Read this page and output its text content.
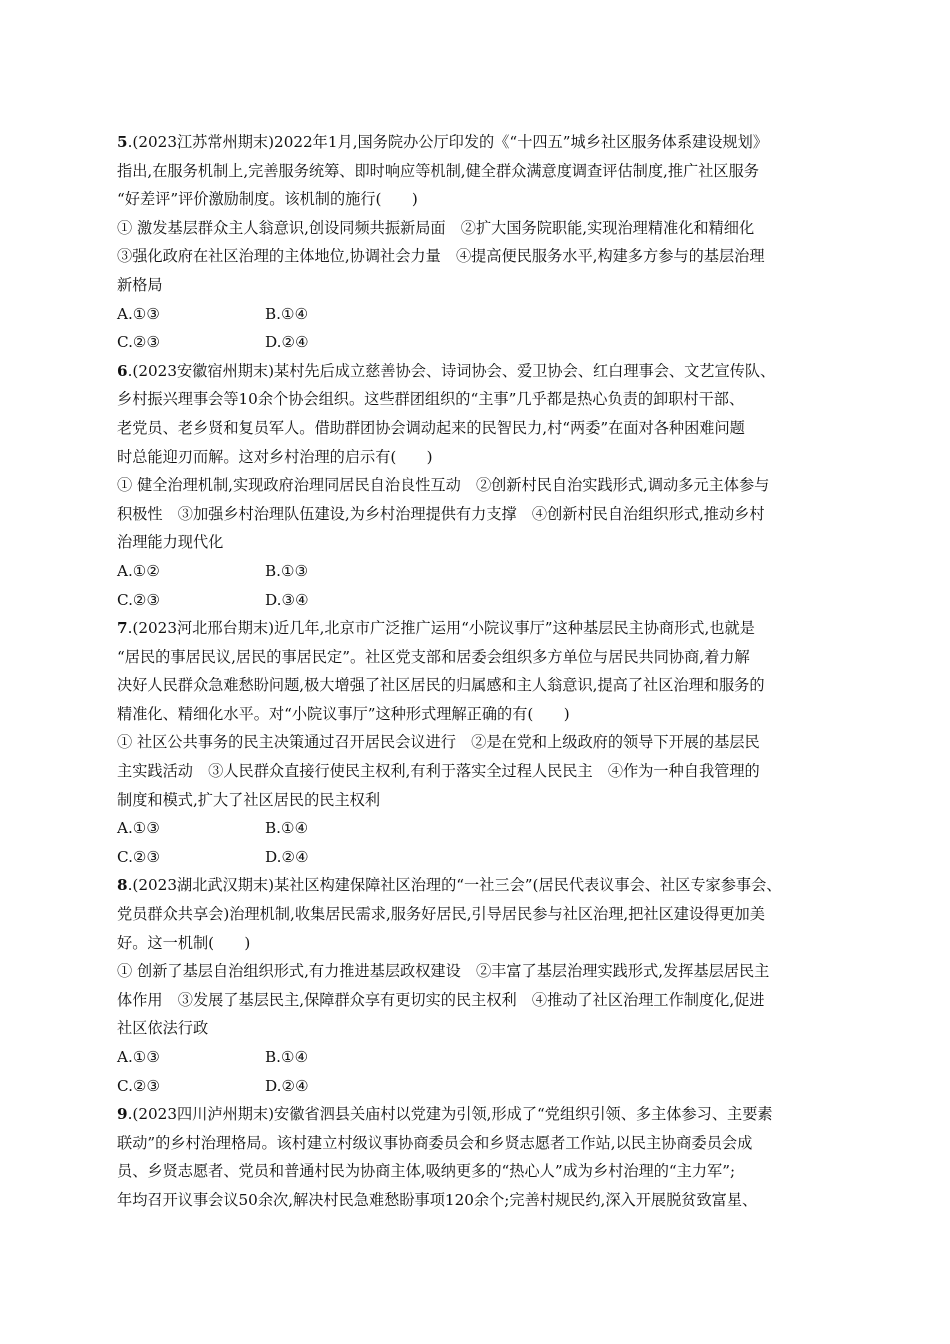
5.(2023江苏常州期末)2022年1月,国务院办公厅印发的《“十四五”城乡社区服务体系建设规划》
指出,在服务机制上,完善服务统筹、即时响应等机制,健全群众满意度调查评估制度,推广社区服务
“好差评”评价激励制度。该机制的施行(　　)
① 激发基层群众主人翁意识,创设同频共振新局面　②扩大国务院职能,实现治理精准化和精细化
③强化政府在社区治理的主体地位,协调社会力量　④提高便民服务水平,构建多方参与的基层治理
新格局
A.①③	B.①④
C.②③	D.②④
6.(2023安徽宿州期末)某村先后成立慈善协会、诗词协会、爱卫协会、红白理事会、文艺宣传队、
乡村振兴理事会等10余个协会组织。这些群团组织的“主事”几乎都是热心负责的卸职村干部、
老党员、老乡贤和复员军人。借助群团协会调动起来的民智民力,村“两委”在面对各种困难问题
时总能迎刃而解。这对乡村治理的启示有(　　)
① 健全治理机制,实现政府治理同居民自治良性互动　②创新村民自治实践形式,调动多元主体参与
积极性　③加强乡村治理队伍建设,为乡村治理提供有力支撑　④创新村民自治组织形式,推动乡村
治理能力现代化
A.①②	B.①③
C.②③	D.③④
7.(2023河北邢台期末)近几年,北京市广泛推广运用“小院议事厅”这种基层民主协商形式,也就是
“居民的事居民议,居民的事居民定”。社区党支部和居委会组织多方单位与居民共同协商,着力解
决好人民群众急难愁盼问题,极大增强了社区居民的归属感和主人翁意识,提高了社区治理和服务的
精准化、精细化水平。对“小院议事厅”这种形式理解正确的有(　　)
① 社区公共事务的民主决策通过召开居民会议进行　②是在党和上级政府的领导下开展的基层民
主实践活动　③人民群众直接行使民主权利,有利于落实全过程人民民主　④作为一种自我管理的
制度和模式,扩大了社区居民的民主权利
A.①③	B.①④
C.②③	D.②④
8.(2023湖北武汉期末)某社区构建保障社区治理的“一社三会”(居民代表议事会、社区专家参事会、
党员群众共享会)治理机制,收集居民需求,服务好居民,引导居民参与社区治理,把社区建设得更加美
好。这一机制(　　)
① 创新了基层自治组织形式,有力推进基层政权建设　②丰富了基层治理实践形式,发挥基层居民主
体作用　③发展了基层民主,保障群众享有更切实的民主权利　④推动了社区治理工作制度化,促进
社区依法行政
A.①③	B.①④
C.②③	D.②④
9.(2023四川泸州期末)安徽省泗县关庙村以党建为引领,形成了“党组织引领、多主体参习、主要素
联动”的乡村治理格局。该村建立村级议事协商委员会和乡贤志愿者工作站,以民主协商委员会成
员、乡贤志愿者、党员和普通村民为协商主体,吸纳更多的“热心人”成为乡村治理的“主力军”;
年均召开议事会议50余次,解决村民急难愁盼事项120余个;完善村规民约,深入开展脱贫致富星、
